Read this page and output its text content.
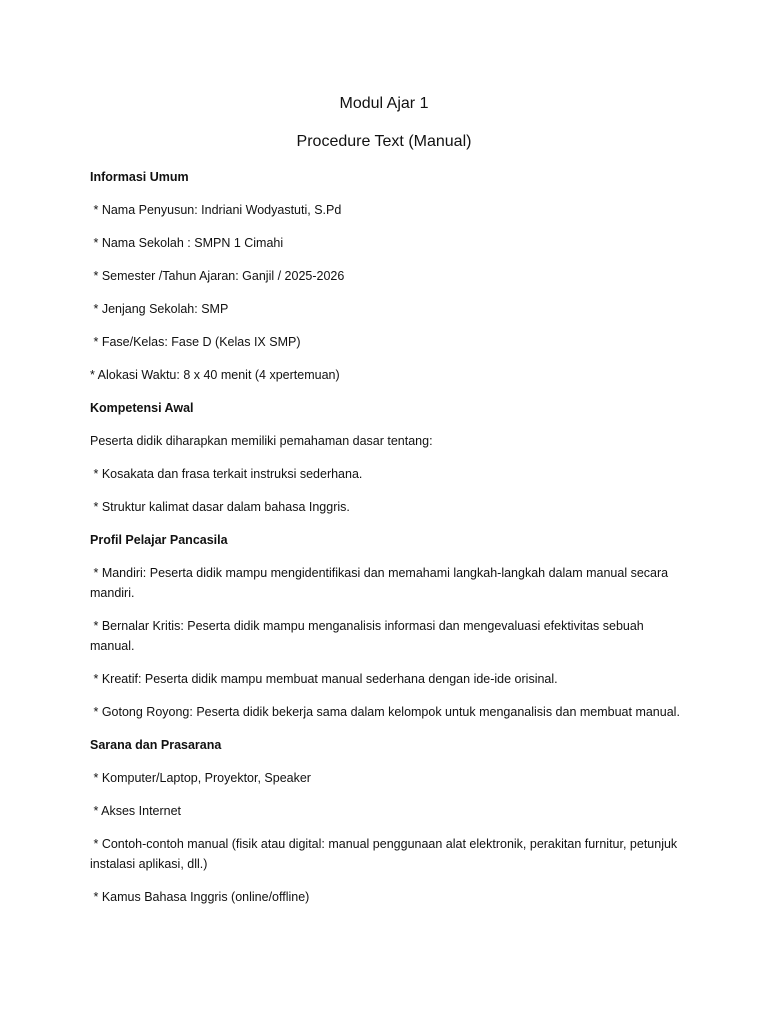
Modul Ajar 1
Procedure Text (Manual)
Informasi Umum
* Nama Penyusun: Indriani Wodyastuti, S.Pd
* Nama Sekolah : SMPN 1 Cimahi
* Semester /Tahun Ajaran: Ganjil / 2025-2026
* Jenjang Sekolah: SMP
* Fase/Kelas: Fase D (Kelas IX SMP)
* Alokasi Waktu: 8 x 40 menit (4 xpertemuan)
Kompetensi Awal
Peserta didik diharapkan memiliki pemahaman dasar tentang:
* Kosakata dan frasa terkait instruksi sederhana.
* Struktur kalimat dasar dalam bahasa Inggris.
Profil Pelajar Pancasila
* Mandiri: Peserta didik mampu mengidentifikasi dan memahami langkah-langkah dalam manual secara mandiri.
* Bernalar Kritis: Peserta didik mampu menganalisis informasi dan mengevaluasi efektivitas sebuah manual.
* Kreatif: Peserta didik mampu membuat manual sederhana dengan ide-ide orisinal.
* Gotong Royong: Peserta didik bekerja sama dalam kelompok untuk menganalisis dan membuat manual.
Sarana dan Prasarana
* Komputer/Laptop, Proyektor, Speaker
* Akses Internet
* Contoh-contoh manual (fisik atau digital: manual penggunaan alat elektronik, perakitan furnitur, petunjuk instalasi aplikasi, dll.)
* Kamus Bahasa Inggris (online/offline)
